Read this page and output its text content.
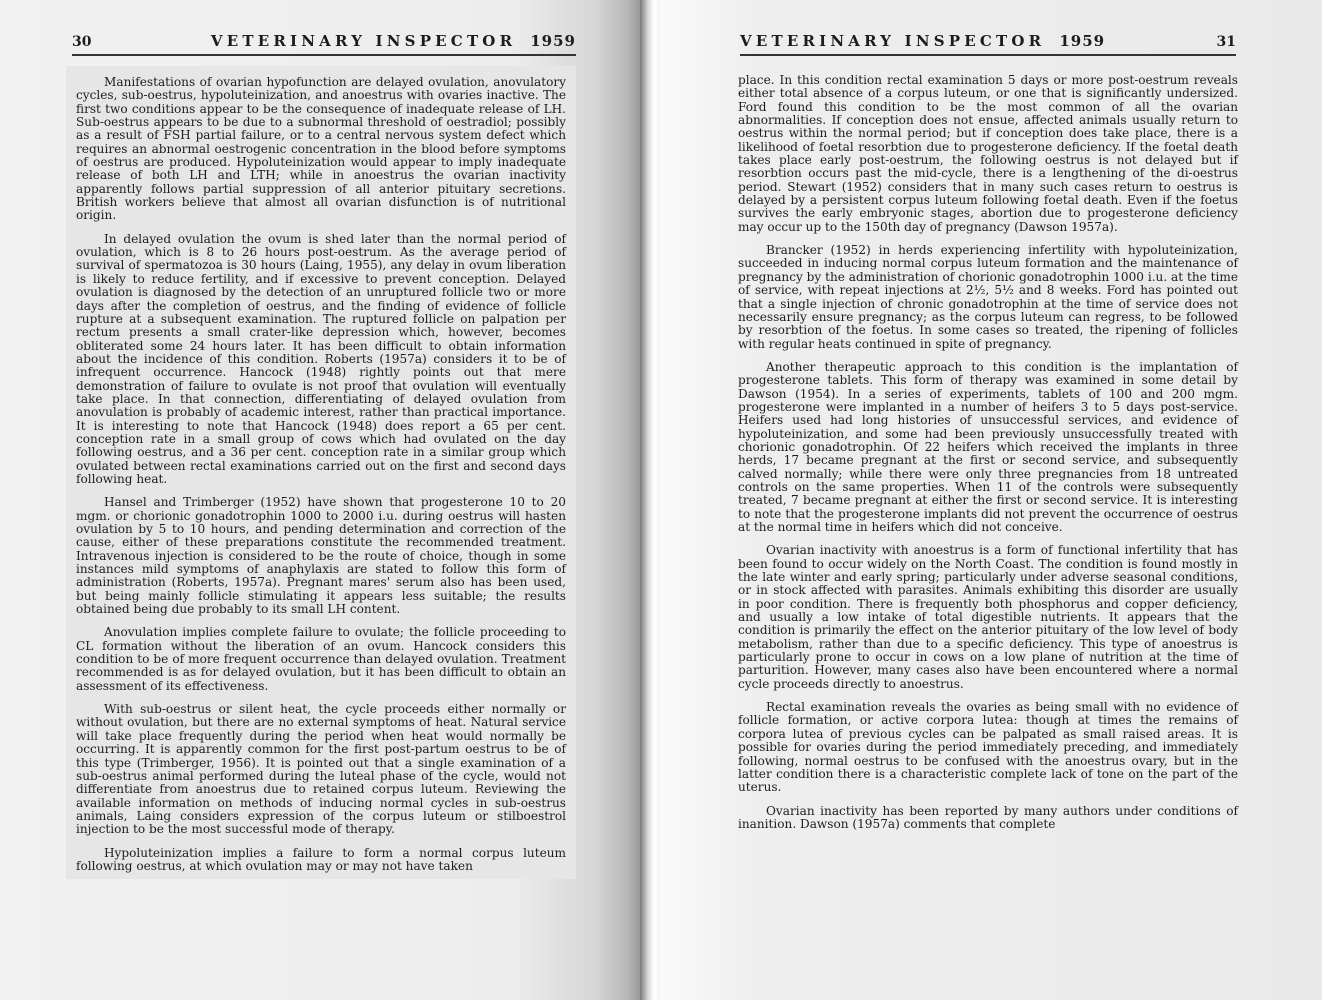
30	VETERINARY INSPECTOR 1959

Manifestations of ovarian hypofunction are delayed ovulation, anovulatory cycles, sub-oestrus, hypoluteinization, and anoestrus with ovaries inactive. The first two conditions appear to be the consequence of inadequate release of LH. Sub-oestrus appears to be due to a subnormal threshold of oestradiol; possibly as a result of FSH partial failure, or to a central nervous system defect which requires an abnormal oestrogenic concentration in the blood before symptoms of oestrus are produced. Hypoluteinization would appear to imply inadequate release of both LH and LTH; while in anoestrus the ovarian inactivity apparently follows partial suppression of all anterior pituitary secretions. British workers believe that almost all ovarian disfunction is of nutritional origin.

In delayed ovulation the ovum is shed later than the normal period of ovulation, which is 8 to 26 hours post-oestrum. As the average period of survival of spermatozoa is 30 hours (Laing, 1955), any delay in ovum liberation is likely to reduce fertility, and if excessive to prevent conception. Delayed ovulation is diagnosed by the detection of an unruptured follicle two or more days after the completion of oestrus, and the finding of evidence of follicle rupture at a subsequent examination. The ruptured follicle on palpation per rectum presents a small crater-like depression which, however, becomes obliterated some 24 hours later. It has been difficult to obtain information about the incidence of this condition. Roberts (1957a) considers it to be of infrequent occurrence. Hancock (1948) rightly points out that mere demonstration of failure to ovulate is not proof that ovulation will eventually take place. In that connection, differentiating of delayed ovulation from anovulation is probably of academic interest, rather than practical importance. It is interesting to note that Hancock (1948) does report a 65 per cent. conception rate in a small group of cows which had ovulated on the day following oestrus, and a 36 per cent. conception rate in a similar group which ovulated between rectal examinations carried out on the first and second days following heat.

Hansel and Trimberger (1952) have shown that progesterone 10 to 20 mgm. or chorionic gonadotrophin 1000 to 2000 i.u. during oestrus will hasten ovulation by 5 to 10 hours, and pending determination and correction of the cause, either of these preparations constitute the recommended treatment. Intravenous injection is considered to be the route of choice, though in some instances mild symptoms of anaphylaxis are stated to follow this form of administration (Roberts, 1957a). Pregnant mares' serum also has been used, but being mainly follicle stimulating it appears less suitable; the results obtained being due probably to its small LH content.

Anovulation implies complete failure to ovulate; the follicle proceeding to CL formation without the liberation of an ovum. Hancock considers this condition to be of more frequent occurrence than delayed ovulation. Treatment recommended is as for delayed ovulation, but it has been difficult to obtain an assessment of its effectiveness.

With sub-oestrus or silent heat, the cycle proceeds either normally or without ovulation, but there are no external symptoms of heat. Natural service will take place frequently during the period when heat would normally be occurring. It is apparently common for the first post-partum oestrus to be of this type (Trimberger, 1956). It is pointed out that a single examination of a sub-oestrus animal performed during the luteal phase of the cycle, would not differentiate from anoestrus due to retained corpus luteum. Reviewing the available information on methods of inducing normal cycles in sub-oestrus animals, Laing considers expression of the corpus luteum or stilboestrol injection to be the most successful mode of therapy.

Hypoluteinization implies a failure to form a normal corpus luteum following oestrus, at which ovulation may or may not have taken

VETERINARY INSPECTOR 1959	31

place. In this condition rectal examination 5 days or more post-oestrum reveals either total absence of a corpus luteum, or one that is significantly undersized. Ford found this condition to be the most common of all the ovarian abnormalities. If conception does not ensue, affected animals usually return to oestrus within the normal period; but if conception does take place, there is a likelihood of foetal resorbtion due to progesterone deficiency. If the foetal death takes place early post-oestrum, the following oestrus is not delayed but if resorbtion occurs past the mid-cycle, there is a lengthening of the di-oestrus period. Stewart (1952) considers that in many such cases return to oestrus is delayed by a persistent corpus luteum following foetal death. Even if the foetus survives the early embryonic stages, abortion due to progesterone deficiency may occur up to the 150th day of pregnancy (Dawson 1957a).

Brancker (1952) in herds experiencing infertility with hypoluteinization, succeeded in inducing normal corpus luteum formation and the maintenance of pregnancy by the administration of chorionic gonadotrophin 1000 i.u. at the time of service, with repeat injections at 2½, 5½ and 8 weeks. Ford has pointed out that a single injection of chronic gonadotrophin at the time of service does not necessarily ensure pregnancy; as the corpus luteum can regress, to be followed by resorbtion of the foetus. In some cases so treated, the ripening of follicles with regular heats continued in spite of pregnancy.

Another therapeutic approach to this condition is the implantation of progesterone tablets. This form of therapy was examined in some detail by Dawson (1954). In a series of experiments, tablets of 100 and 200 mgm. progesterone were implanted in a number of heifers 3 to 5 days post-service. Heifers used had long histories of unsuccessful services, and evidence of hypoluteinization, and some had been previously unsuccessfully treated with chorionic gonadotrophin. Of 22 heifers which received the implants in three herds, 17 became pregnant at the first or second service, and subsequently calved normally; while there were only three pregnancies from 18 untreated controls on the same properties. When 11 of the controls were subsequently treated, 7 became pregnant at either the first or second service. It is interesting to note that the progesterone implants did not prevent the occurrence of oestrus at the normal time in heifers which did not conceive.

Ovarian inactivity with anoestrus is a form of functional infertility that has been found to occur widely on the North Coast. The condition is found mostly in the late winter and early spring; particularly under adverse seasonal conditions, or in stock affected with parasites. Animals exhibiting this disorder are usually in poor condition. There is frequently both phosphorus and copper deficiency, and usually a low intake of total digestible nutrients. It appears that the condition is primarily the effect on the anterior pituitary of the low level of body metabolism, rather than due to a specific deficiency. This type of anoestrus is particularly prone to occur in cows on a low plane of nutrition at the time of parturition. However, many cases also have been encountered where a normal cycle proceeds directly to anoestrus.

Rectal examination reveals the ovaries as being small with no evidence of follicle formation, or active corpora lutea: though at times the remains of corpora lutea of previous cycles can be palpated as small raised areas. It is possible for ovaries during the period immediately preceding, and immediately following, normal oestrus to be confused with the anoestrus ovary, but in the latter condition there is a characteristic complete lack of tone on the part of the uterus.

Ovarian inactivity has been reported by many authors under conditions of inanition. Dawson (1957a) comments that complete
